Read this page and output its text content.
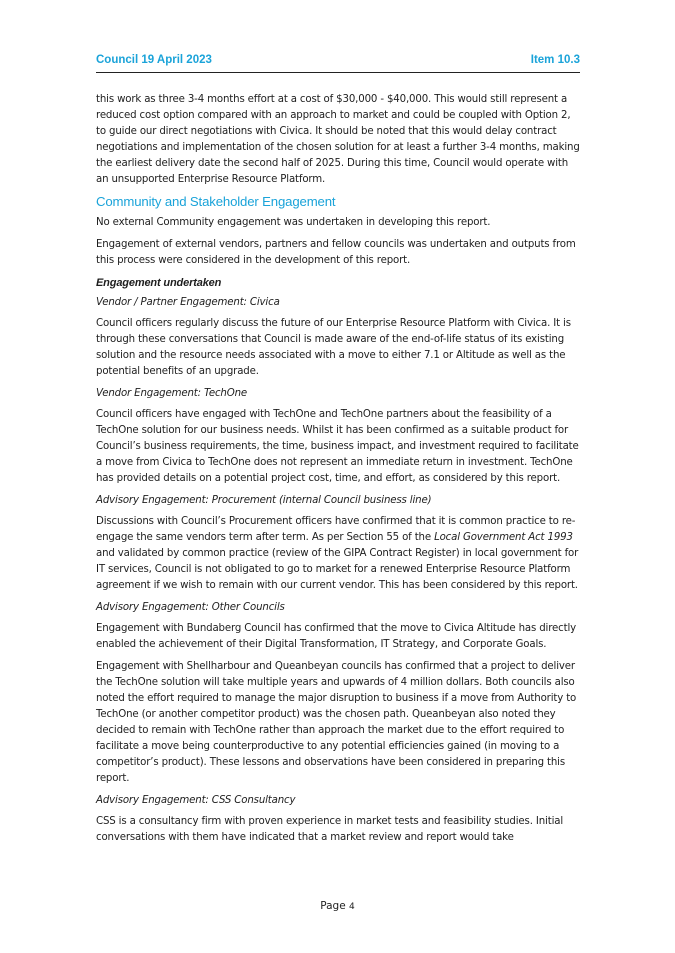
Council 19 April 2023	Item 10.3

this work as three 3-4 months effort at a cost of $30,000 - $40,000. This would still represent a reduced cost option compared with an approach to market and could be coupled with Option 2, to guide our direct negotiations with Civica. It should be noted that this would delay contract negotiations and implementation of the chosen solution for at least a further 3-4 months, making the earliest delivery date the second half of 2025. During this time, Council would operate with an unsupported Enterprise Resource Platform.

Community and Stakeholder Engagement

No external Community engagement was undertaken in developing this report.

Engagement of external vendors, partners and fellow councils was undertaken and outputs from this process were considered in the development of this report.

Engagement undertaken
Vendor / Partner Engagement: Civica

Council officers regularly discuss the future of our Enterprise Resource Platform with Civica. It is through these conversations that Council is made aware of the end-of-life status of its existing solution and the resource needs associated with a move to either 7.1 or Altitude as well as the potential benefits of an upgrade.

Vendor Engagement: TechOne

Council officers have engaged with TechOne and TechOne partners about the feasibility of a TechOne solution for our business needs. Whilst it has been confirmed as a suitable product for Council’s business requirements, the time, business impact, and investment required to facilitate a move from Civica to TechOne does not represent an immediate return in investment. TechOne has provided details on a potential project cost, time, and effort, as considered by this report.

Advisory Engagement: Procurement (internal Council business line)

Discussions with Council’s Procurement officers have confirmed that it is common practice to re-engage the same vendors term after term. As per Section 55 of the Local Government Act 1993 and validated by common practice (review of the GIPA Contract Register) in local government for IT services, Council is not obligated to go to market for a renewed Enterprise Resource Platform agreement if we wish to remain with our current vendor. This has been considered by this report.

Advisory Engagement: Other Councils

Engagement with Bundaberg Council has confirmed that the move to Civica Altitude has directly enabled the achievement of their Digital Transformation, IT Strategy, and Corporate Goals.

Engagement with Shellharbour and Queanbeyan councils has confirmed that a project to deliver the TechOne solution will take multiple years and upwards of 4 million dollars. Both councils also noted the effort required to manage the major disruption to business if a move from Authority to TechOne (or another competitor product) was the chosen path. Queanbeyan also noted they decided to remain with TechOne rather than approach the market due to the effort required to facilitate a move being counterproductive to any potential efficiencies gained (in moving to a competitor’s product). These lessons and observations have been considered in preparing this report.

Advisory Engagement: CSS Consultancy

CSS is a consultancy firm with proven experience in market tests and feasibility studies. Initial conversations with them have indicated that a market review and report would take

Page 4
